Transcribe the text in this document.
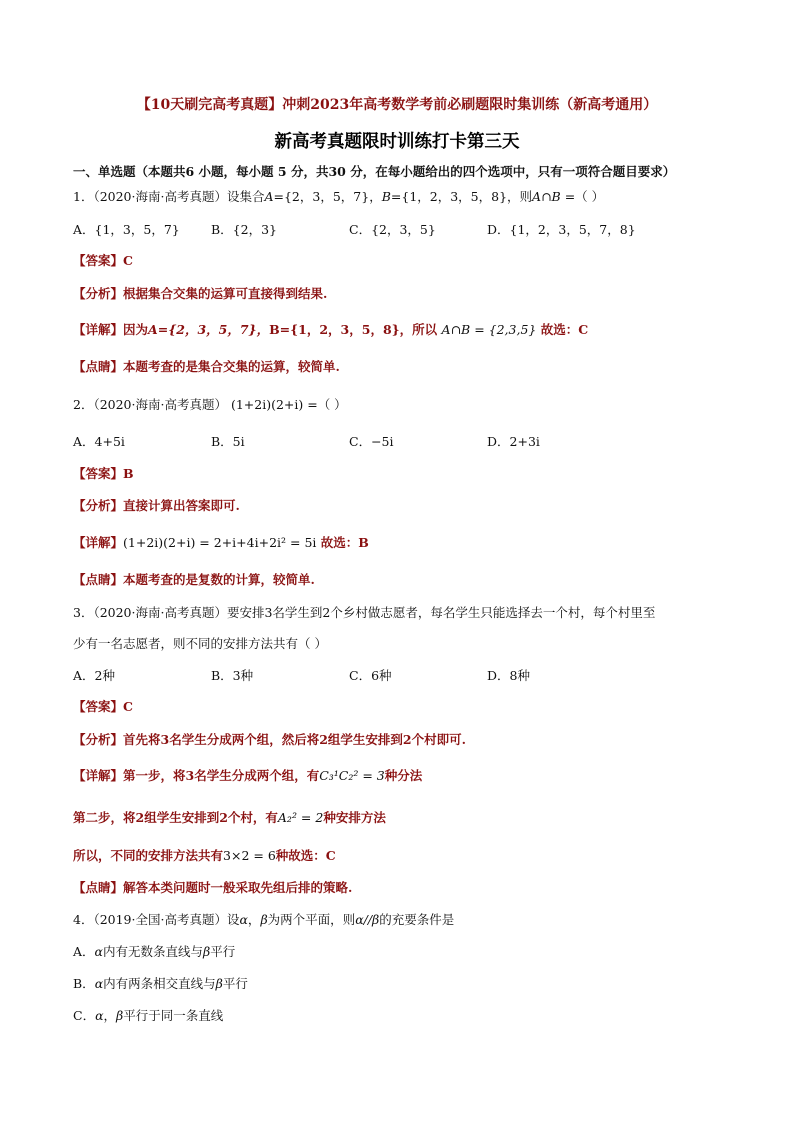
【10天刷完高考真题】冲刺2023年高考数学考前必刷题限时集训练（新高考通用）
新高考真题限时训练打卡第三天
一、单选题（本题共6 小题，每小题 5 分，共30 分，在每小题给出的四个选项中，只有一项符合题目要求）
1．（2020·海南·高考真题）设集合A={2，3，5，7}，B={1，2，3，5，8}，则A∩B =（ ）
A．{1，3，5，7}	B．{2，3}	C．{2，3，5}	D．{1，2，3，5，7，8}
【答案】C
【分析】根据集合交集的运算可直接得到结果.
【详解】因为A={2，3，5，7}，B={1，2，3，5，8}，所以 A∩B = {2,3,5} 故选：C
【点睛】本题考查的是集合交集的运算，较简单.
2．（2020·海南·高考真题） (1+2i)(2+i) =（ ）
A．4+5i	B．5i	C．−5i	D．2+3i
【答案】B
【分析】直接计算出答案即可.
【详解】(1+2i)(2+i) = 2+i+4i+2i² = 5i 故选：B
【点睛】本题考查的是复数的计算，较简单.
3．（2020·海南·高考真题）要安排3名学生到2个乡村做志愿者，每名学生只能选择去一个村，每个村里至
少有一名志愿者，则不同的安排方法共有（ ）
A．2种	B．3种	C．6种	D．8种
【答案】C
【分析】首先将3名学生分成两个组，然后将2组学生安排到2个村即可.
【详解】第一步，将3名学生分成两个组，有C₃¹C₂² = 3种分法
第二步，将2组学生安排到2个村，有A₂² = 2种安排方法
所以，不同的安排方法共有3×2 = 6种故选：C
【点睛】解答本类问题时一般采取先组后排的策略.
4．（2019·全国·高考真题）设α，β为两个平面，则α//β的充要条件是
A．α内有无数条直线与β平行
B．α内有两条相交直线与β平行
C．α，β平行于同一条直线
